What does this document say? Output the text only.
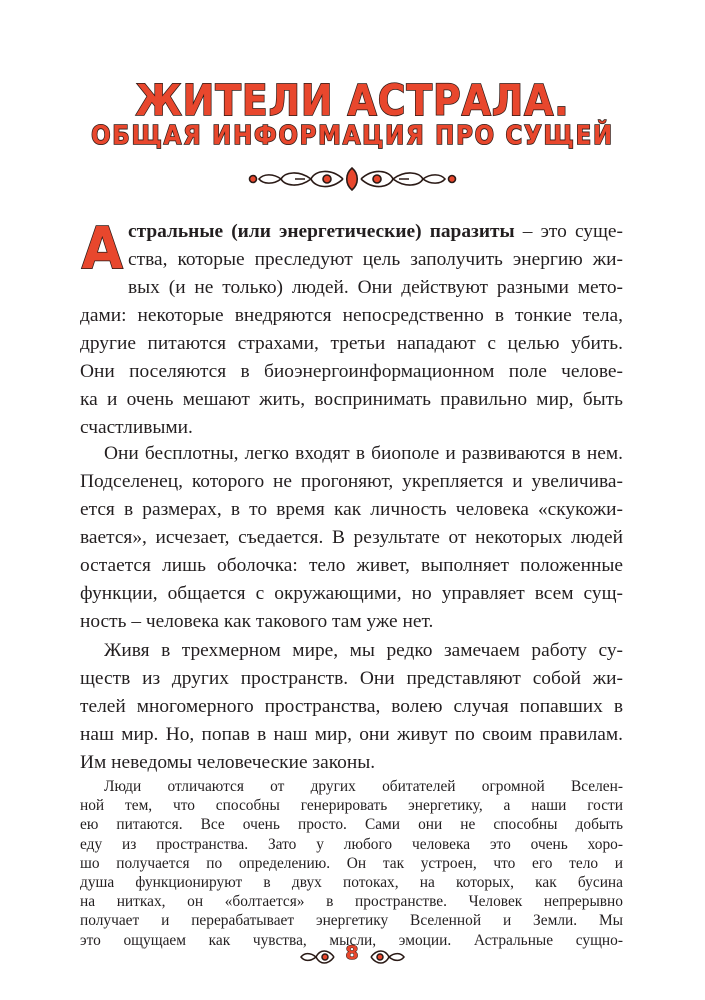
ЖИТЕЛИ АСТРАЛА.
ОБЩАЯ ИНФОРМАЦИЯ ПРО СУЩЕЙ
А стральные (или энергетические) паразиты – это суще-
ства, которые преследуют цель заполучить энергию жи-
вых (и не только) людей. Они действуют разными мето-
дами: некоторые внедряются непосредственно в тонкие тела,
другие питаются страхами, третьи нападают с целью убить.
Они поселяются в биоэнергоинформационном поле челове-
ка и очень мешают жить, воспринимать правильно мир, быть
счастливыми.
Они бесплотны, легко входят в биополе и развиваются в нем.
Подселенец, которого не прогоняют, укрепляется и увеличива-
ется в размерах, в то время как личность человека «скукожи-
вается», исчезает, съедается. В результате от некоторых людей
остается лишь оболочка: тело живет, выполняет положенные
функции, общается с окружающими, но управляет всем сущ-
ность – человека как такового там уже нет.
Живя в трехмерном мире, мы редко замечаем работу су-
ществ из других пространств. Они представляют собой жи-
телей многомерного пространства, волею случая попавших в
наш мир. Но, попав в наш мир, они живут по своим правилам.
Им неведомы человеческие законы.
Люди отличаются от других обитателей огромной Вселен-
ной тем, что способны генерировать энергетику, а наши гости
ею питаются. Все очень просто. Сами они не способны добыть
еду из пространства. Зато у любого человека это очень хоро-
шо получается по определению. Он так устроен, что его тело и
душа функционируют в двух потоках, на которых, как бусина
на нитках, он «болтается» в пространстве. Человек непрерывно
получает и перерабатывает энергетику Вселенной и Земли. Мы
это ощущаем как чувства, мысли, эмоции. Астральные сущно-
8
